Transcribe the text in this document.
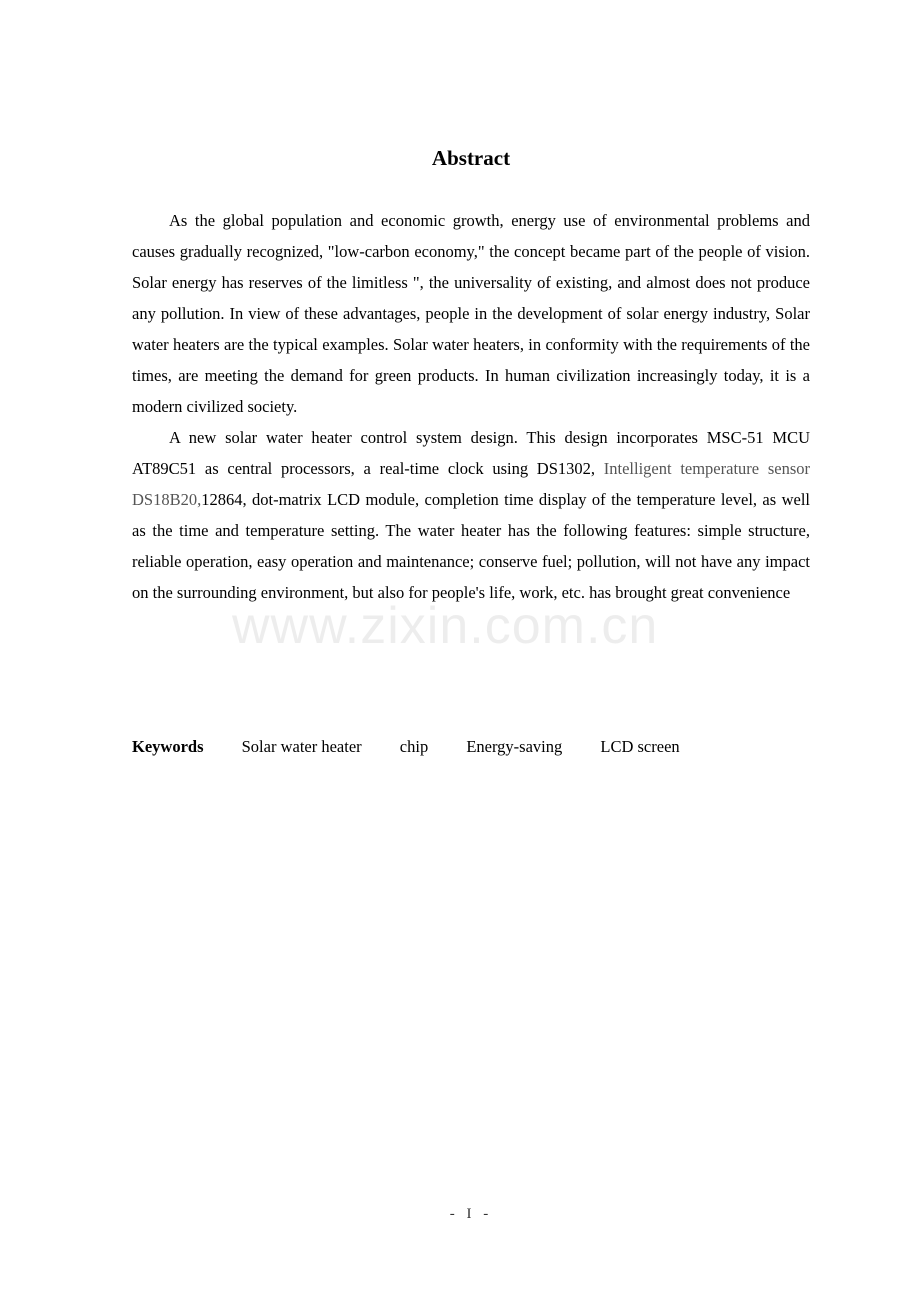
Abstract

As the global population and economic growth, energy use of environmental problems and causes gradually recognized, "low-carbon economy," the concept became part of the people of vision. Solar energy has reserves of the limitless ", the universality of existing, and almost does not produce any pollution. In view of these advantages, people in the development of solar energy industry, Solar water heaters are the typical examples. Solar water heaters, in conformity with the requirements of the times, are meeting the demand for green products. In human civilization increasingly today, it is a modern civilized society.

A new solar water heater control system design. This design incorporates MSC-51 MCU AT89C51 as central processors, a real-time clock using DS1302, Intelligent temperature sensor DS18B20,12864, dot-matrix LCD module, completion time display of the temperature level, as well as the time and temperature setting. The water heater has the following features: simple structure, reliable operation, easy operation and maintenance; conserve fuel; pollution, will not have any impact on the surrounding environment, but also for people's life, work, etc. has brought great convenience

www.zixin.com.cn
Keywords Solar water heater chip Energy-saving LCD screen
- I -
